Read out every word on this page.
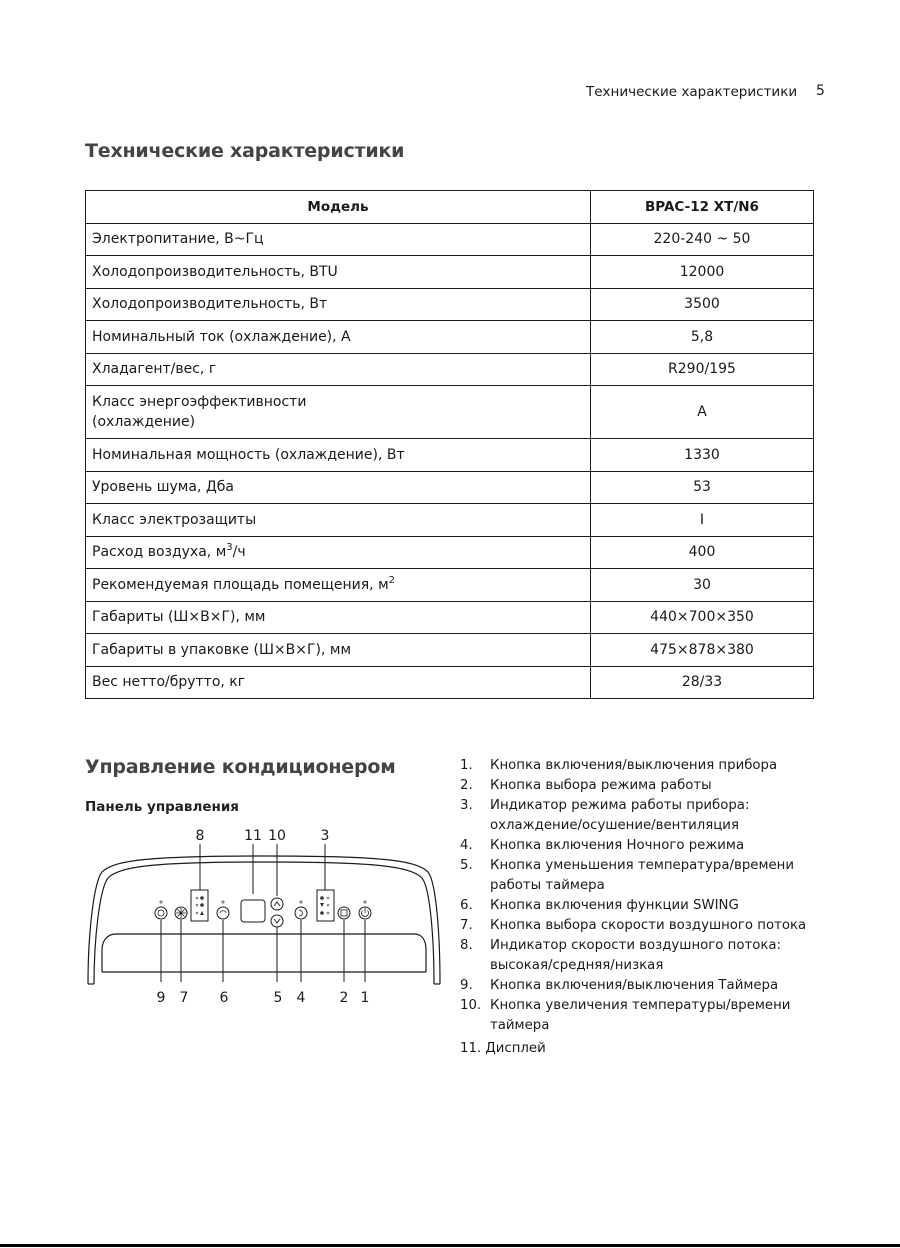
Технические характеристики 5
Технические характеристики
Модель	BPAC-12 XT/N6
Электропитание, В~Гц	220-240 ~ 50
Холодопроизводительность, BTU	12000
Холодопроизводительность, Вт	3500
Номинальный ток (охлаждение), А	5,8
Хладагент/вес, г	R290/195
Класс энергоэффективности
(охлаждение)	A
Номинальная мощность (охлаждение), Вт	1330
Уровень шума, Дба	53
Класс электрозащиты	I
Расход воздуха, $м^3/ч$	400
Рекомендуемая площадь помещения, $м^2$	30
Габариты (Ш×В×Г), мм	440×700×350
Габариты в упаковке (Ш×В×Г), мм	475×878×380
Вес нетто/брутто, кг	28/33
Управление кондиционером
Панель управления
8	11 10 3
9 7 6	5 4 2 1
1. Кнопка включения/выключения прибора
2. Кнопка выбора режима работы
3. Индикатор режима работы прибора:
охлаждение/осушение/вентиляция
4. Кнопка включения Ночного режима
5. Кнопка уменьшения температура/времени
работы таймера
6. Кнопка включения функции SWING
7. Кнопка выбора скорости воздушного потока
8. Индикатор скорости воздушного потока:
высокая/средняя/низкая
9. Кнопка включения/выключения Таймера
10. Кнопка увеличения температуры/времени
таймера
11. Дисплей
